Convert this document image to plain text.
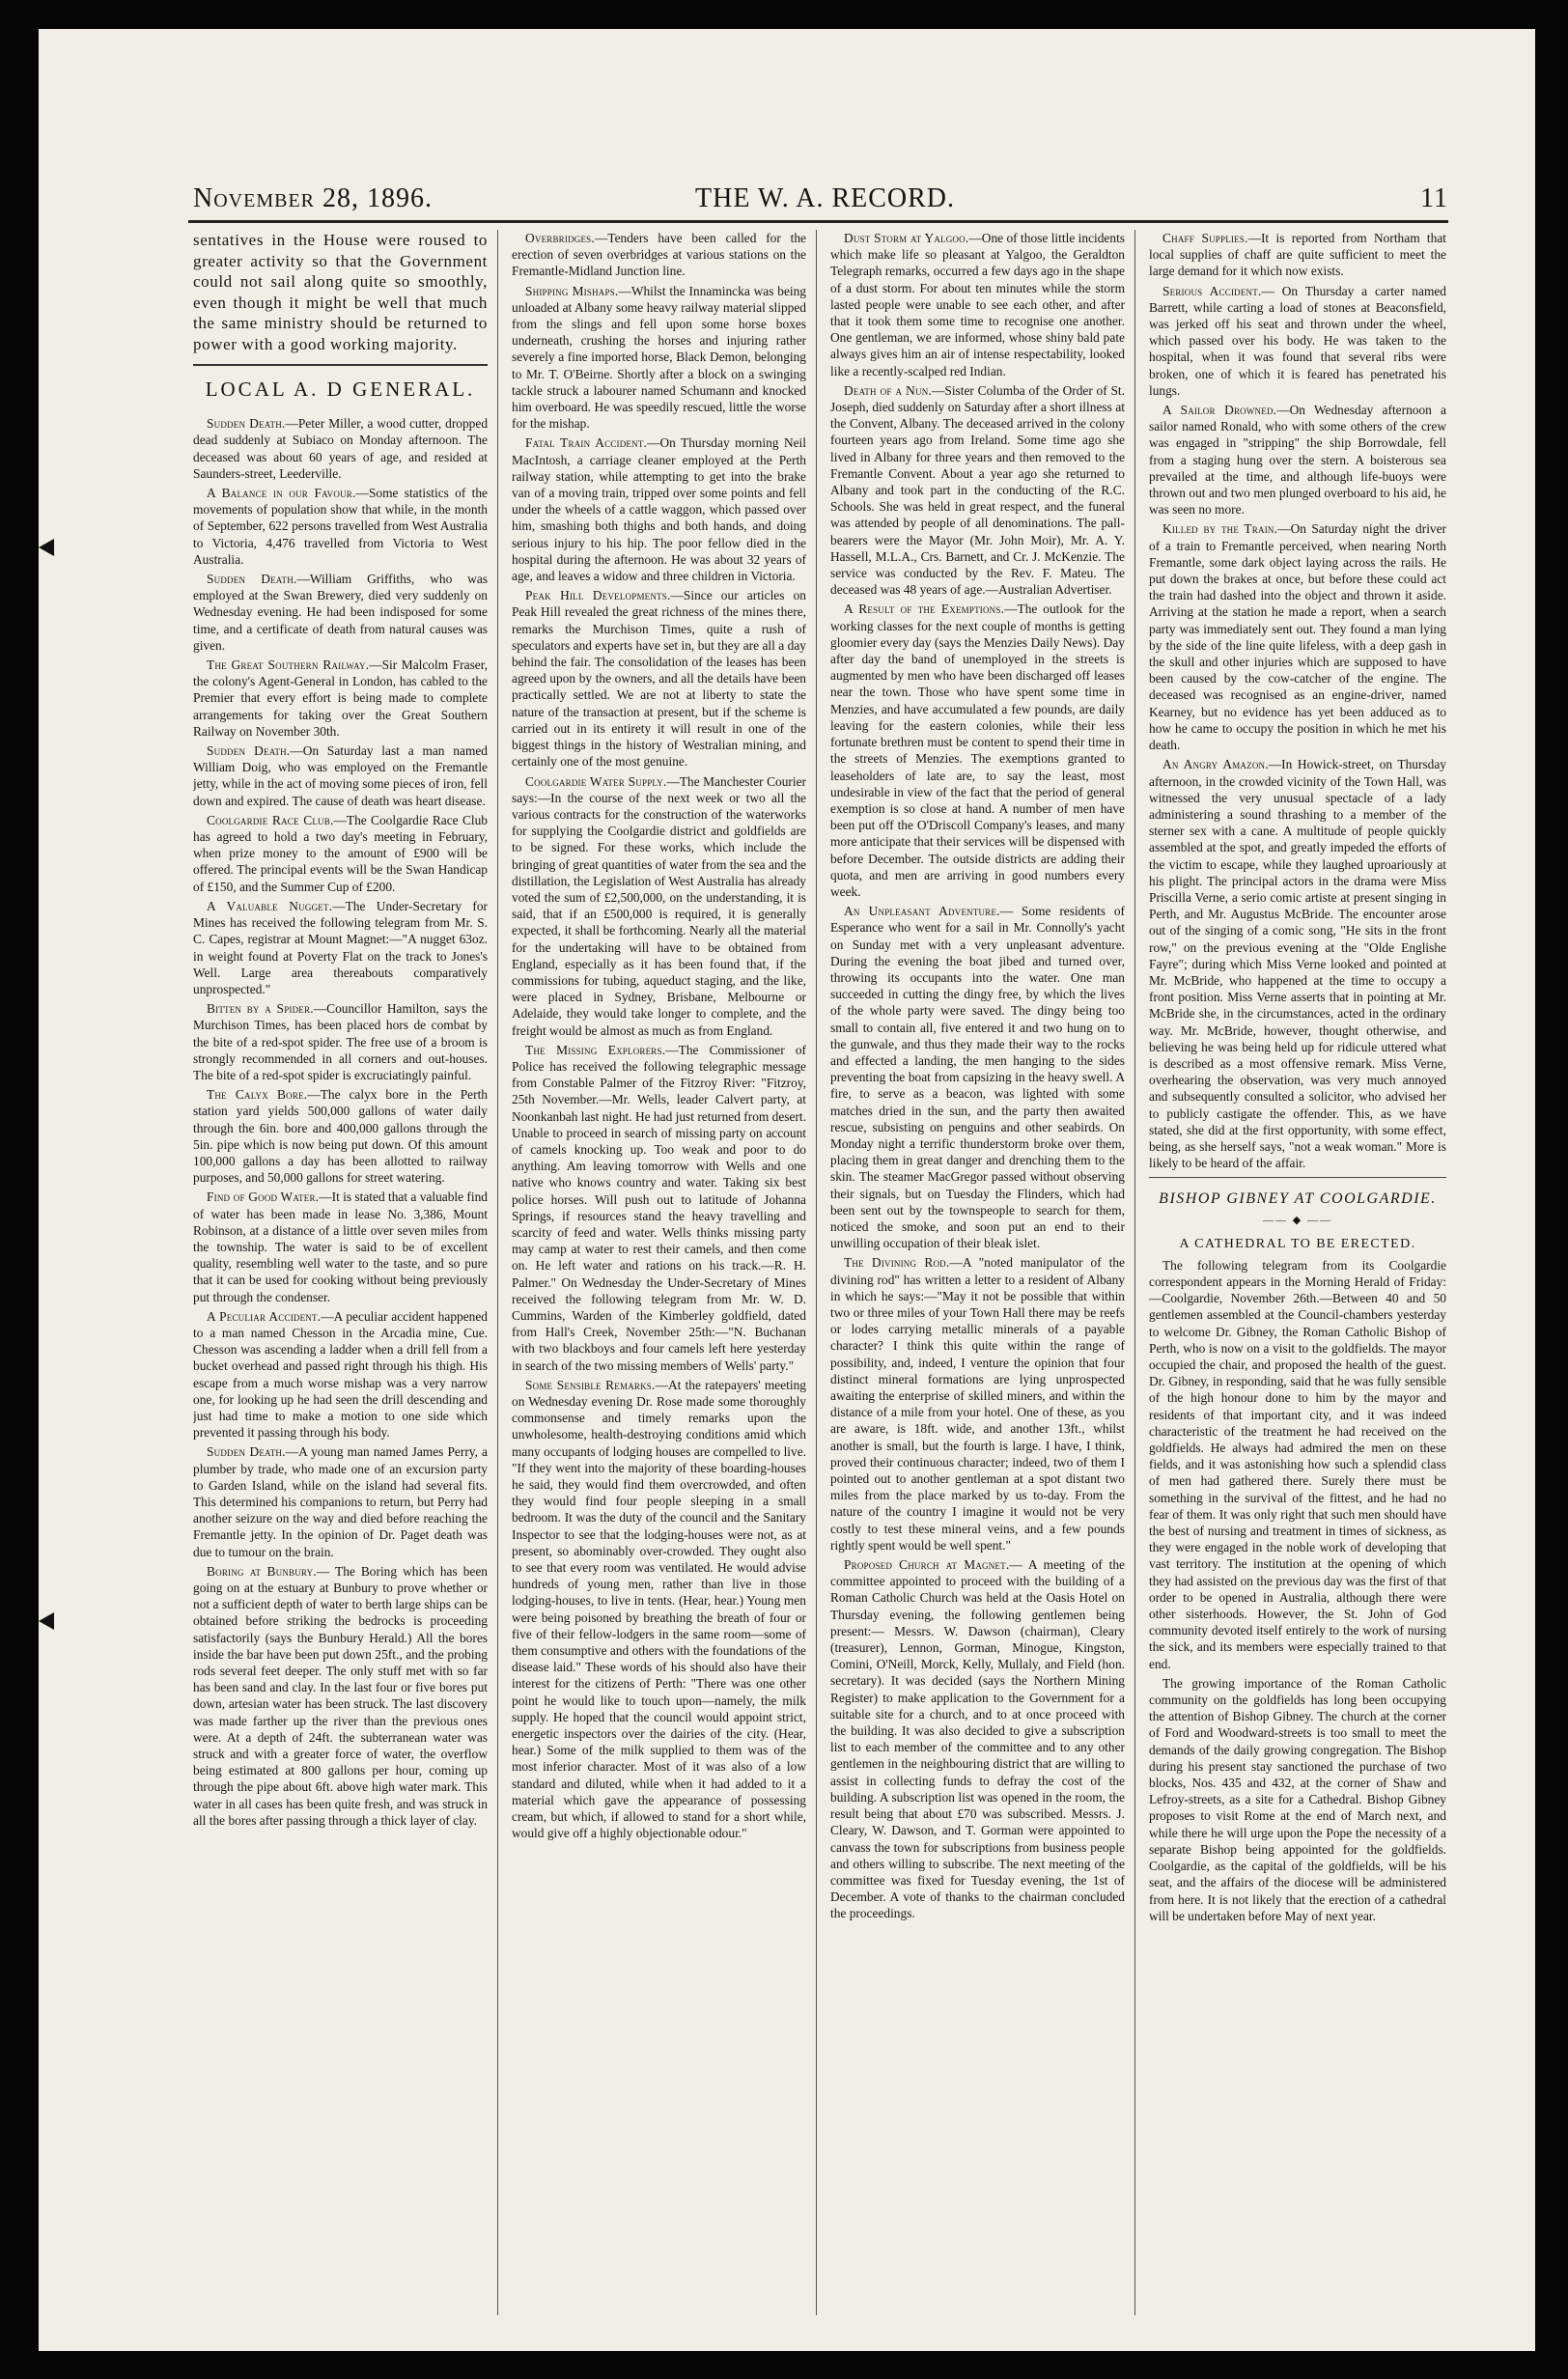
November 28, 1896.	THE W. A. RECORD.	11

sentatives in the House were roused to greater activity so that the Government could not sail along quite so smoothly, even though it might be well that much the same ministry should be returned to power with a good working majority.

LOCAL A. D GENERAL.

Sudden Death.—Peter Miller, a wood cutter, dropped dead suddenly at Subiaco on Monday afternoon. The deceased was about 60 years of age, and resided at Saunders-street, Leederville.

A Balance in our Favour.—Some statistics of the movements of population show that while, in the month of September, 622 persons travelled from West Australia to Victoria, 4,476 travelled from Victoria to West Australia.

Sudden Death.—William Griffiths, who was employed at the Swan Brewery, died very suddenly on Wednesday evening. He had been indisposed for some time, and a certificate of death from natural causes was given.

The Great Southern Railway.—Sir Malcolm Fraser, the colony's Agent-General in London, has cabled to the Premier that every effort is being made to complete arrangements for taking over the Great Southern Railway on November 30th.

Sudden Death.—On Saturday last a man named William Doig, who was employed on the Fremantle jetty, while in the act of moving some pieces of iron, fell down and expired. The cause of death was heart disease.

Coolgardie Race Club.—The Coolgardie Race Club has agreed to hold a two day's meeting in February, when prize money to the amount of £900 will be offered. The principal events will be the Swan Handicap of £150, and the Summer Cup of £200.

A Valuable Nugget.—The Under-Secretary for Mines has received the following telegram from Mr. S. C. Capes, registrar at Mount Magnet:—"A nugget 63oz. in weight found at Poverty Flat on the track to Jones's Well. Large area thereabouts comparatively unprospected."

Bitten by a Spider.—Councillor Hamilton, says the Murchison Times, has been placed hors de combat by the bite of a red-spot spider. The free use of a broom is strongly recommended in all corners and out-houses. The bite of a red-spot spider is excruciatingly painful.

The Calyx Bore.—The calyx bore in the Perth station yard yields 500,000 gallons of water daily through the 6in. bore and 400,000 gallons through the 5in. pipe which is now being put down. Of this amount 100,000 gallons a day has been allotted to railway purposes, and 50,000 gallons for street watering.

Find of Good Water.—It is stated that a valuable find of water has been made in lease No. 3,386, Mount Robinson, at a distance of a little over seven miles from the township. The water is said to be of excellent quality, resembling well water to the taste, and so pure that it can be used for cooking without being previously put through the condenser.

A Peculiar Accident.—A peculiar accident happened to a man named Chesson in the Arcadia mine, Cue. Chesson was ascending a ladder when a drill fell from a bucket overhead and passed right through his thigh. His escape from a much worse mishap was a very narrow one, for looking up he had seen the drill descending and just had time to make a motion to one side which prevented it passing through his body.

Sudden Death.—A young man named James Perry, a plumber by trade, who made one of an excursion party to Garden Island, while on the island had several fits. This determined his companions to return, but Perry had another seizure on the way and died before reaching the Fremantle jetty. In the opinion of Dr. Paget death was due to tumour on the brain.

Boring at Bunbury.— The Boring which has been going on at the estuary at Bunbury to prove whether or not a sufficient depth of water to berth large ships can be obtained before striking the bedrocks is proceeding satisfactorily (says the Bunbury Herald.) All the bores inside the bar have been put down 25ft., and the probing rods several feet deeper. The only stuff met with so far has been sand and clay. In the last four or five bores put down, artesian water has been struck. The last discovery was made farther up the river than the previous ones were. At a depth of 24ft. the subterranean water was struck and with a greater force of water, the overflow being estimated at 800 gallons per hour, coming up through the pipe about 6ft. above high water mark. This water in all cases has been quite fresh, and was struck in all the bores after passing through a thick layer of clay.

Overbridges.—Tenders have been called for the erection of seven overbridges at various stations on the Fremantle-Midland Junction line.

Shipping Mishaps.—Whilst the Innamincka was being unloaded at Albany some heavy railway material slipped from the slings and fell upon some horse boxes underneath, crushing the horses and injuring rather severely a fine imported horse, Black Demon, belonging to Mr. T. O'Beirne. Shortly after a block on a swinging tackle struck a labourer named Schumann and knocked him overboard. He was speedily rescued, little the worse for the mishap.

Fatal Train Accident.—On Thursday morning Neil MacIntosh, a carriage cleaner employed at the Perth railway station, while attempting to get into the brake van of a moving train, tripped over some points and fell under the wheels of a cattle waggon, which passed over him, smashing both thighs and both hands, and doing serious injury to his hip. The poor fellow died in the hospital during the afternoon. He was about 32 years of age, and leaves a widow and three children in Victoria.

Peak Hill Developments.—Since our articles on Peak Hill revealed the great richness of the mines there, remarks the Murchison Times, quite a rush of speculators and experts have set in, but they are all a day behind the fair. The consolidation of the leases has been agreed upon by the owners, and all the details have been practically settled. We are not at liberty to state the nature of the transaction at present, but if the scheme is carried out in its entirety it will result in one of the biggest things in the history of Westralian mining, and certainly one of the most genuine.

Coolgardie Water Supply.—The Manchester Courier says:—In the course of the next week or two all the various contracts for the construction of the waterworks for supplying the Coolgardie district and goldfields are to be signed. For these works, which include the bringing of great quantities of water from the sea and the distillation, the Legislation of West Australia has already voted the sum of £2,500,000, on the understanding, it is said, that if an £500,000 is required, it is generally expected, it shall be forthcoming. Nearly all the material for the undertaking will have to be obtained from England, especially as it has been found that, if the commissions for tubing, aqueduct staging, and the like, were placed in Sydney, Brisbane, Melbourne or Adelaide, they would take longer to complete, and the freight would be almost as much as from England.

The Missing Explorers.—The Commissioner of Police has received the following telegraphic message from Constable Palmer of the Fitzroy River: "Fitzroy, 25th November.—Mr. Wells, leader Calvert party, at Noonkanbah last night. He had just returned from desert. Unable to proceed in search of missing party on account of camels knocking up. Too weak and poor to do anything. Am leaving tomorrow with Wells and one native who knows country and water. Taking six best police horses. Will push out to latitude of Johanna Springs, if resources stand the heavy travelling and scarcity of feed and water. Wells thinks missing party may camp at water to rest their camels, and then come on. He left water and rations on his track.—R. H. Palmer." On Wednesday the Under-Secretary of Mines received the following telegram from Mr. W. D. Cummins, Warden of the Kimberley goldfield, dated from Hall's Creek, November 25th:—"N. Buchanan with two blackboys and four camels left here yesterday in search of the two missing members of Wells' party."

Some Sensible Remarks.—At the ratepayers' meeting on Wednesday evening Dr. Rose made some thoroughly commonsense and timely remarks upon the unwholesome, health-destroying conditions amid which many occupants of lodging houses are compelled to live. "If they went into the majority of these boarding-houses he said, they would find them overcrowded, and often they would find four people sleeping in a small bedroom. It was the duty of the council and the Sanitary Inspector to see that the lodging-houses were not, as at present, so abominably over-crowded. They ought also to see that every room was ventilated. He would advise hundreds of young men, rather than live in those lodging-houses, to live in tents. (Hear, hear.) Young men were being poisoned by breathing the breath of four or five of their fellow-lodgers in the same room—some of them consumptive and others with the foundations of the disease laid." These words of his should also have their interest for the citizens of Perth: "There was one other point he would like to touch upon—namely, the milk supply. He hoped that the council would appoint strict, energetic inspectors over the dairies of the city. (Hear, hear.) Some of the milk supplied to them was of the most inferior character. Most of it was also of a low standard and diluted, while when it had added to it a material which gave the appearance of possessing cream, but which, if allowed to stand for a short while, would give off a highly objectionable odour."

Dust Storm at Yalgoo.—One of those little incidents which make life so pleasant at Yalgoo, the Geraldton Telegraph remarks, occurred a few days ago in the shape of a dust storm. For about ten minutes while the storm lasted people were unable to see each other, and after that it took them some time to recognise one another. One gentleman, we are informed, whose shiny bald pate always gives him an air of intense respectability, looked like a recently-scalped red Indian.

Death of a Nun.—Sister Columba of the Order of St. Joseph, died suddenly on Saturday after a short illness at the Convent, Albany. The deceased arrived in the colony fourteen years ago from Ireland. Some time ago she lived in Albany for three years and then removed to the Fremantle Convent. About a year ago she returned to Albany and took part in the conducting of the R.C. Schools. She was held in great respect, and the funeral was attended by people of all denominations. The pall-bearers were the Mayor (Mr. John Moir), Mr. A. Y. Hassell, M.L.A., Crs. Barnett, and Cr. J. McKenzie. The service was conducted by the Rev. F. Mateu. The deceased was 48 years of age.—Australian Advertiser.

A Result of the Exemptions.—The outlook for the working classes for the next couple of months is getting gloomier every day (says the Menzies Daily News). Day after day the band of unemployed in the streets is augmented by men who have been discharged off leases near the town. Those who have spent some time in Menzies, and have accumulated a few pounds, are daily leaving for the eastern colonies, while their less fortunate brethren must be content to spend their time in the streets of Menzies. The exemptions granted to leaseholders of late are, to say the least, most undesirable in view of the fact that the period of general exemption is so close at hand. A number of men have been put off the O'Driscoll Company's leases, and many more anticipate that their services will be dispensed with before December. The outside districts are adding their quota, and men are arriving in good numbers every week.

An Unpleasant Adventure.— Some residents of Esperance who went for a sail in Mr. Connolly's yacht on Sunday met with a very unpleasant adventure. During the evening the boat jibed and turned over, throwing its occupants into the water. One man succeeded in cutting the dingy free, by which the lives of the whole party were saved. The dingy being too small to contain all, five entered it and two hung on to the gunwale, and thus they made their way to the rocks and effected a landing, the men hanging to the sides preventing the boat from capsizing in the heavy swell. A fire, to serve as a beacon, was lighted with some matches dried in the sun, and the party then awaited rescue, subsisting on penguins and other seabirds. On Monday night a terrific thunderstorm broke over them, placing them in great danger and drenching them to the skin. The steamer MacGregor passed without observing their signals, but on Tuesday the Flinders, which had been sent out by the townspeople to search for them, noticed the smoke, and soon put an end to their unwilling occupation of their bleak islet.

The Divining Rod.—A "noted manipulator of the divining rod" has written a letter to a resident of Albany in which he says:—"May it not be possible that within two or three miles of your Town Hall there may be reefs or lodes carrying metallic minerals of a payable character? I think this quite within the range of possibility, and, indeed, I venture the opinion that four distinct mineral formations are lying unprospected awaiting the enterprise of skilled miners, and within the distance of a mile from your hotel. One of these, as you are aware, is 18ft. wide, and another 13ft., whilst another is small, but the fourth is large. I have, I think, proved their continuous character; indeed, two of them I pointed out to another gentleman at a spot distant two miles from the place marked by us to-day. From the nature of the country I imagine it would not be very costly to test these mineral veins, and a few pounds rightly spent would be well spent."

Proposed Church at Magnet.— A meeting of the committee appointed to proceed with the building of a Roman Catholic Church was held at the Oasis Hotel on Thursday evening, the following gentlemen being present:— Messrs. W. Dawson (chairman), Cleary (treasurer), Lennon, Gorman, Minogue, Kingston, Comini, O'Neill, Morck, Kelly, Mullaly, and Field (hon. secretary). It was decided (says the Northern Mining Register) to make application to the Government for a suitable site for a church, and to at once proceed with the building. It was also decided to give a subscription list to each member of the committee and to any other gentlemen in the neighbouring district that are willing to assist in collecting funds to defray the cost of the building. A subscription list was opened in the room, the result being that about £70 was subscribed. Messrs. J. Cleary, W. Dawson, and T. Gorman were appointed to canvass the town for subscriptions from business people and others willing to subscribe. The next meeting of the committee was fixed for Tuesday evening, the 1st of December. A vote of thanks to the chairman concluded the proceedings.

Chaff Supplies.—It is reported from Northam that local supplies of chaff are quite sufficient to meet the large demand for it which now exists.

Serious Accident.— On Thursday a carter named Barrett, while carting a load of stones at Beaconsfield, was jerked off his seat and thrown under the wheel, which passed over his body. He was taken to the hospital, when it was found that several ribs were broken, one of which it is feared has penetrated his lungs.

A Sailor Drowned.—On Wednesday afternoon a sailor named Ronald, who with some others of the crew was engaged in "stripping" the ship Borrowdale, fell from a staging hung over the stern. A boisterous sea prevailed at the time, and although life-buoys were thrown out and two men plunged overboard to his aid, he was seen no more.

Killed by the Train.—On Saturday night the driver of a train to Fremantle perceived, when nearing North Fremantle, some dark object laying across the rails. He put down the brakes at once, but before these could act the train had dashed into the object and thrown it aside. Arriving at the station he made a report, when a search party was immediately sent out. They found a man lying by the side of the line quite lifeless, with a deep gash in the skull and other injuries which are supposed to have been caused by the cow-catcher of the engine. The deceased was recognised as an engine-driver, named Kearney, but no evidence has yet been adduced as to how he came to occupy the position in which he met his death.

An Angry Amazon.—In Howick-street, on Thursday afternoon, in the crowded vicinity of the Town Hall, was witnessed the very unusual spectacle of a lady administering a sound thrashing to a member of the sterner sex with a cane. A multitude of people quickly assembled at the spot, and greatly impeded the efforts of the victim to escape, while they laughed uproariously at his plight. The principal actors in the drama were Miss Priscilla Verne, a serio comic artiste at present singing in Perth, and Mr. Augustus McBride. The encounter arose out of the singing of a comic song, "He sits in the front row," on the previous evening at the "Olde Englishe Fayre"; during which Miss Verne looked and pointed at Mr. McBride, who happened at the time to occupy a front position. Miss Verne asserts that in pointing at Mr. McBride she, in the circumstances, acted in the ordinary way. Mr. McBride, however, thought otherwise, and believing he was being held up for ridicule uttered what is described as a most offensive remark. Miss Verne, overhearing the observation, was very much annoyed and subsequently consulted a solicitor, who advised her to publicly castigate the offender. This, as we have stated, she did at the first opportunity, with some effect, being, as she herself says, "not a weak woman." More is likely to be heard of the affair.

BISHOP GIBNEY AT COOLGARDIE.
—— ◆ ——
A CATHEDRAL TO BE ERECTED.

The following telegram from its Coolgardie correspondent appears in the Morning Herald of Friday:—Coolgardie, November 26th.—Between 40 and 50 gentlemen assembled at the Council-chambers yesterday to welcome Dr. Gibney, the Roman Catholic Bishop of Perth, who is now on a visit to the goldfields. The mayor occupied the chair, and proposed the health of the guest. Dr. Gibney, in responding, said that he was fully sensible of the high honour done to him by the mayor and residents of that important city, and it was indeed characteristic of the treatment he had received on the goldfields. He always had admired the men on these fields, and it was astonishing how such a splendid class of men had gathered there. Surely there must be something in the survival of the fittest, and he had no fear of them. It was only right that such men should have the best of nursing and treatment in times of sickness, as they were engaged in the noble work of developing that vast territory. The institution at the opening of which they had assisted on the previous day was the first of that order to be opened in Australia, although there were other sisterhoods. However, the St. John of God community devoted itself entirely to the work of nursing the sick, and its members were especially trained to that end.

The growing importance of the Roman Catholic community on the goldfields has long been occupying the attention of Bishop Gibney. The church at the corner of Ford and Woodward-streets is too small to meet the demands of the daily growing congregation. The Bishop during his present stay sanctioned the purchase of two blocks, Nos. 435 and 432, at the corner of Shaw and Lefroy-streets, as a site for a Cathedral. Bishop Gibney proposes to visit Rome at the end of March next, and while there he will urge upon the Pope the necessity of a separate Bishop being appointed for the goldfields. Coolgardie, as the capital of the goldfields, will be his seat, and the affairs of the diocese will be administered from here. It is not likely that the erection of a cathedral will be undertaken before May of next year.
